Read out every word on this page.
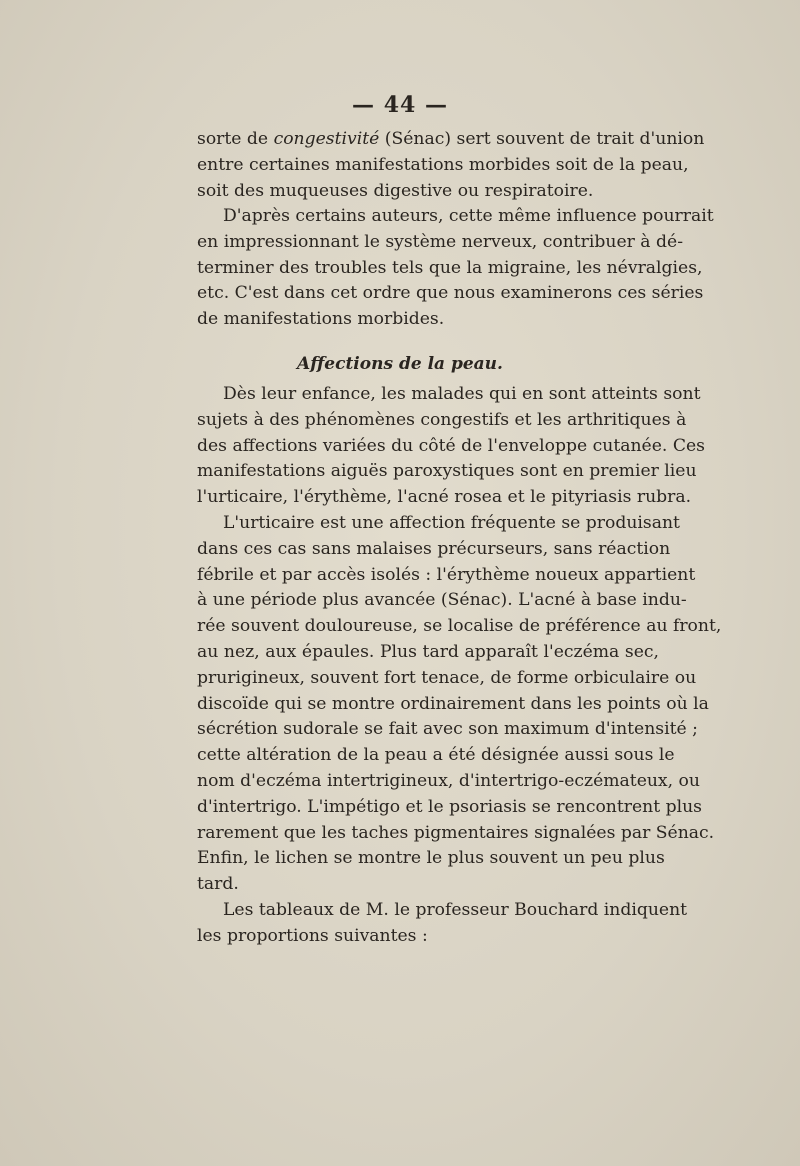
— 44 —
sorte de congestivité (Sénac) sert souvent de trait d'union
entre certaines manifestations morbides soit de la peau,
soit des muqueuses digestive ou respiratoire.
D'après certains auteurs, cette même influence pourrait
en impressionnant le système nerveux, contribuer à dé-
terminer des troubles tels que la migraine, les névralgies,
etc. C'est dans cet ordre que nous examinerons ces séries
de manifestations morbides.
Affections de la peau.
Dès leur enfance, les malades qui en sont atteints sont
sujets à des phénomènes congestifs et les arthritiques à
des affections variées du côté de l'enveloppe cutanée. Ces
manifestations aiguës paroxystiques sont en premier lieu
l'urticaire, l'érythème, l'acné rosea et le pityriasis rubra.
L'urticaire est une affection fréquente se produisant
dans ces cas sans malaises précurseurs, sans réaction
fébrile et par accès isolés : l'érythème noueux appartient
à une période plus avancée (Sénac). L'acné à base indu-
rée souvent douloureuse, se localise de préférence au front,
au nez, aux épaules. Plus tard apparaît l'eczéma sec,
prurigineux, souvent fort tenace, de forme orbiculaire ou
discoïde qui se montre ordinairement dans les points où la
sécrétion sudorale se fait avec son maximum d'intensité ;
cette altération de la peau a été désignée aussi sous le
nom d'eczéma intertrigineux, d'intertrigo-eczémateux, ou
d'intertrigo. L'impétigo et le psoriasis se rencontrent plus
rarement que les taches pigmentaires signalées par Sénac.
Enfin, le lichen se montre le plus souvent un peu plus
tard.
Les tableaux de M. le professeur Bouchard indiquent
les proportions suivantes :
